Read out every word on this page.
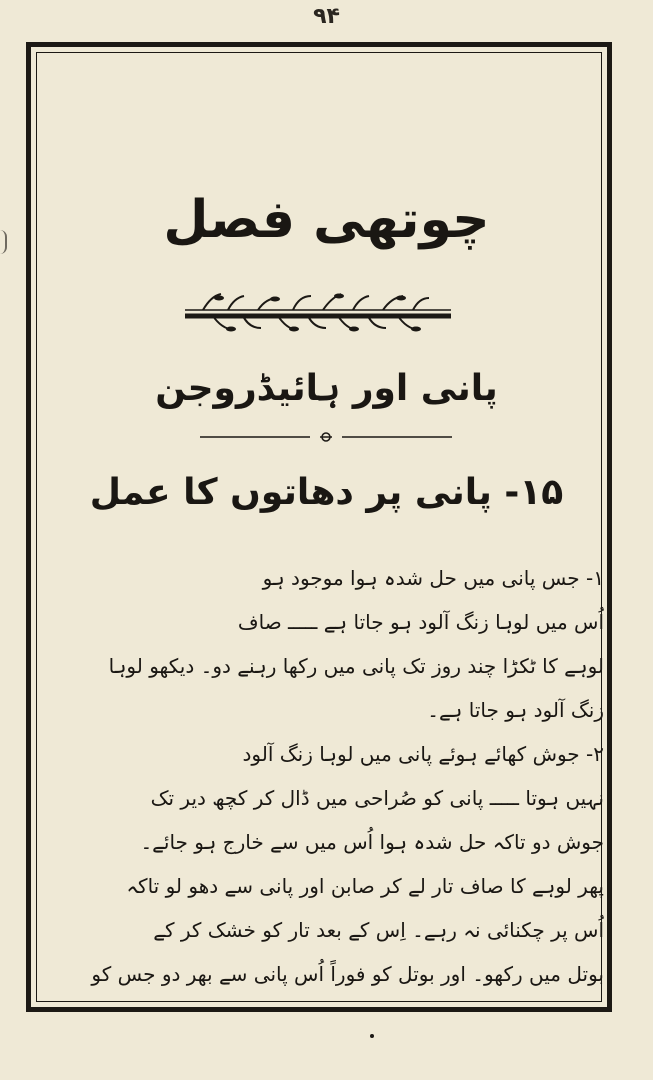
۹۴
چوتھی فصل
پانی اور ہائیڈروجن
۱۵- پانی پر دھاتوں کا عمل
۱- جس پانی میں حل شدہ ہوا موجود ہو
اُس میں لوہا زنگ آلود ہو جاتا ہے ـــــ صاف
لوہے کا ٹکڑا چند روز تک پانی میں رکھا رہنے دو۔ دیکھو لوہا
زنگ آلود ہو جاتا ہے۔
۲- جوش کھائے ہوئے پانی میں لوہا زنگ آلود
نہیں ہوتا ـــــ پانی کو صُراحی میں ڈال کر کچھ دیر تک
جوش دو تاکہ حل شدہ ہوا اُس میں سے خارج ہو جائے۔
پھر لوہے کا صاف تار لے کر صابن اور پانی سے دھو لو تاکہ
اُس پر چکنائی نہ رہے۔ اِس کے بعد تار کو خشک کر کے
بوتل میں رکھو۔ اور بوتل کو فوراً اُس پانی سے بھر دو جس کو
